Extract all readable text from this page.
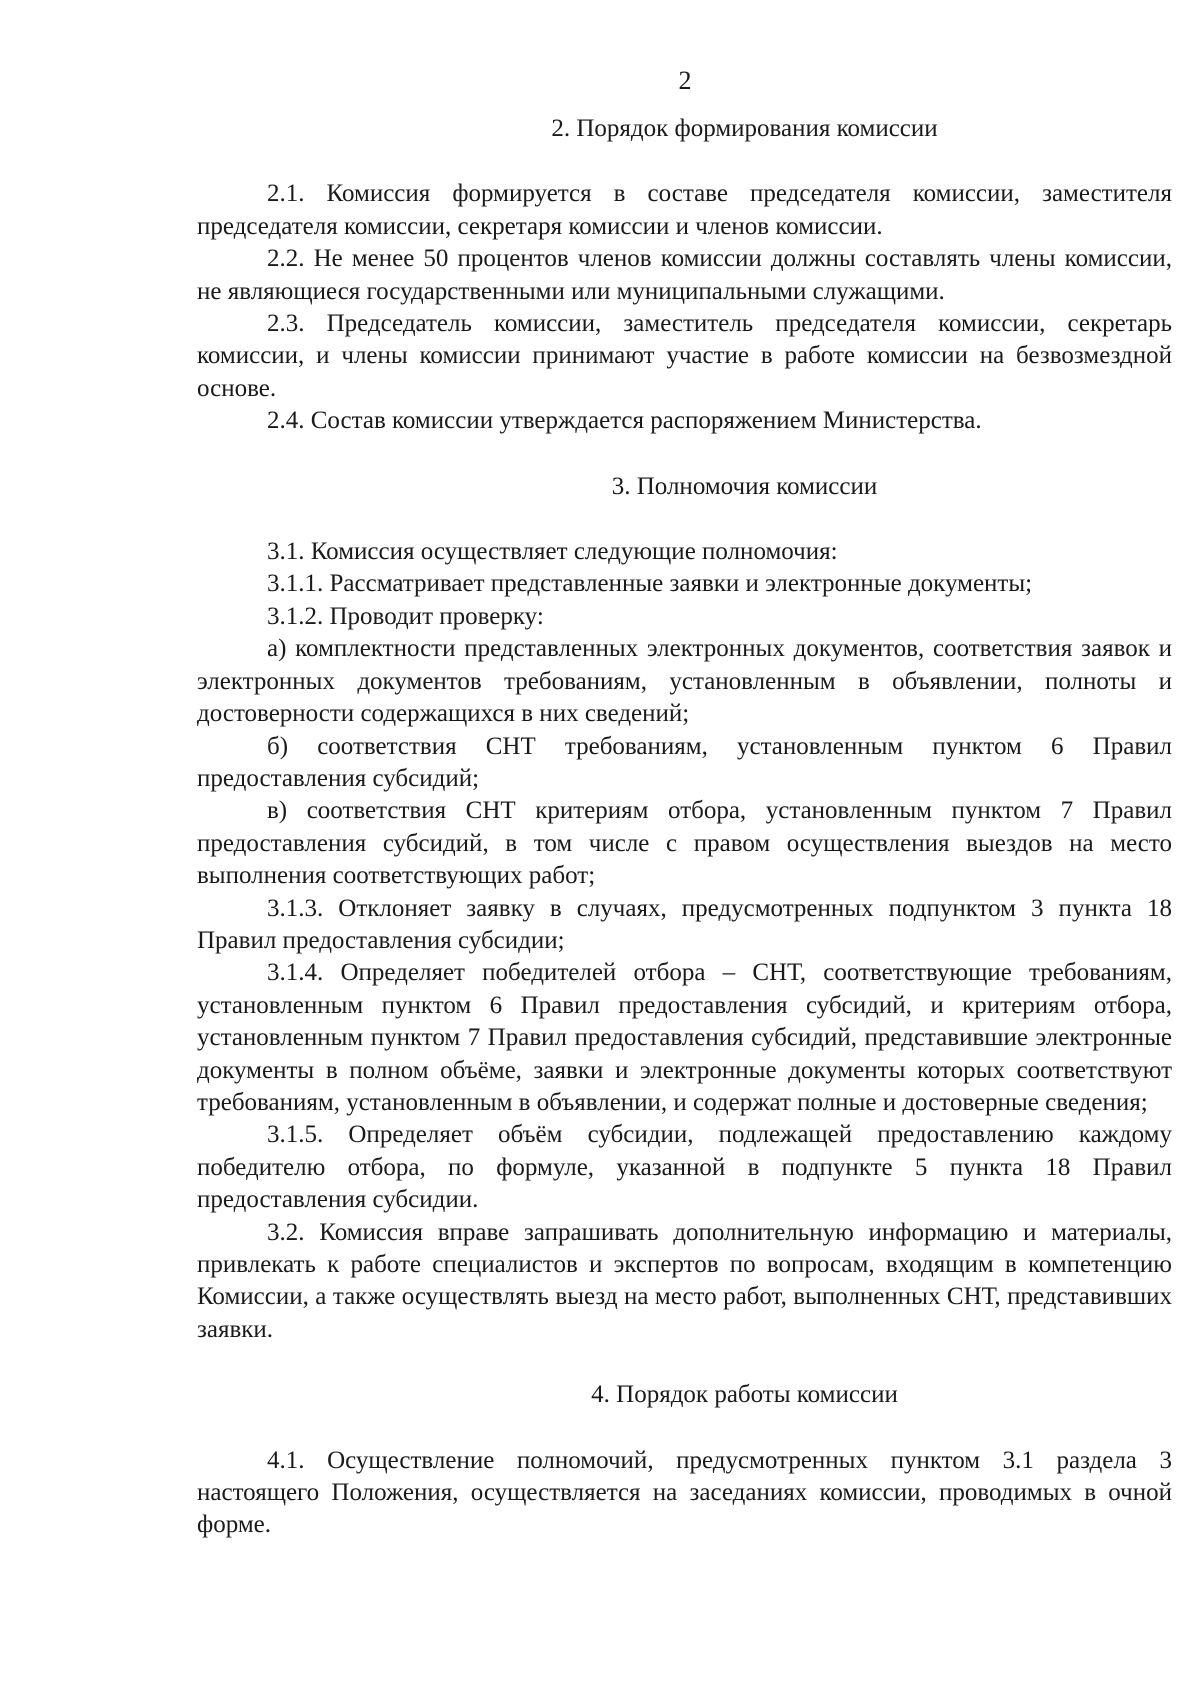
2
2. Порядок формирования комиссии

2.1. Комиссия формируется в составе председателя комиссии, заместителя председателя комиссии, секретаря комиссии и членов комиссии.

2.2. Не менее 50 процентов членов комиссии должны составлять члены комиссии, не являющиеся государственными или муниципальными служащими.

2.3. Председатель комиссии, заместитель председателя комиссии, секретарь комиссии, и члены комиссии принимают участие в работе комиссии на безвозмездной основе.

2.4. Состав комиссии утверждается распоряжением Министерства.

3. Полномочия комиссии

3.1. Комиссия осуществляет следующие полномочия:

3.1.1. Рассматривает представленные заявки и электронные документы;

3.1.2. Проводит проверку:

а) комплектности представленных электронных документов, соответствия заявок и электронных документов требованиям, установленным в объявлении, полноты и достоверности содержащихся в них сведений;

б) соответствия СНТ требованиям, установленным пунктом 6 Правил предоставления субсидий;

в) соответствия СНТ критериям отбора, установленным пунктом 7 Правил предоставления субсидий, в том числе с правом осуществления выездов на место выполнения соответствующих работ;

3.1.3. Отклоняет заявку в случаях, предусмотренных подпунктом 3 пункта 18 Правил предоставления субсидии;

3.1.4. Определяет победителей отбора – СНТ, соответствующие требованиям, установленным пунктом 6 Правил предоставления субсидий, и критериям отбора, установленным пунктом 7 Правил предоставления субсидий, представившие электронные документы в полном объёме, заявки и электронные документы которых соответствуют требованиям, установленным в объявлении, и содержат полные и достоверные сведения;

3.1.5. Определяет объём субсидии, подлежащей предоставлению каждому победителю отбора, по формуле, указанной в подпункте 5 пункта 18 Правил предоставления субсидии.

3.2. Комиссия вправе запрашивать дополнительную информацию и материалы, привлекать к работе специалистов и экспертов по вопросам, входящим в компетенцию Комиссии, а также осуществлять выезд на место работ, выполненных СНТ, представивших заявки.

4. Порядок работы комиссии

4.1. Осуществление полномочий, предусмотренных пунктом 3.1 раздела 3 настоящего Положения, осуществляется на заседаниях комиссии, проводимых в очной форме.
